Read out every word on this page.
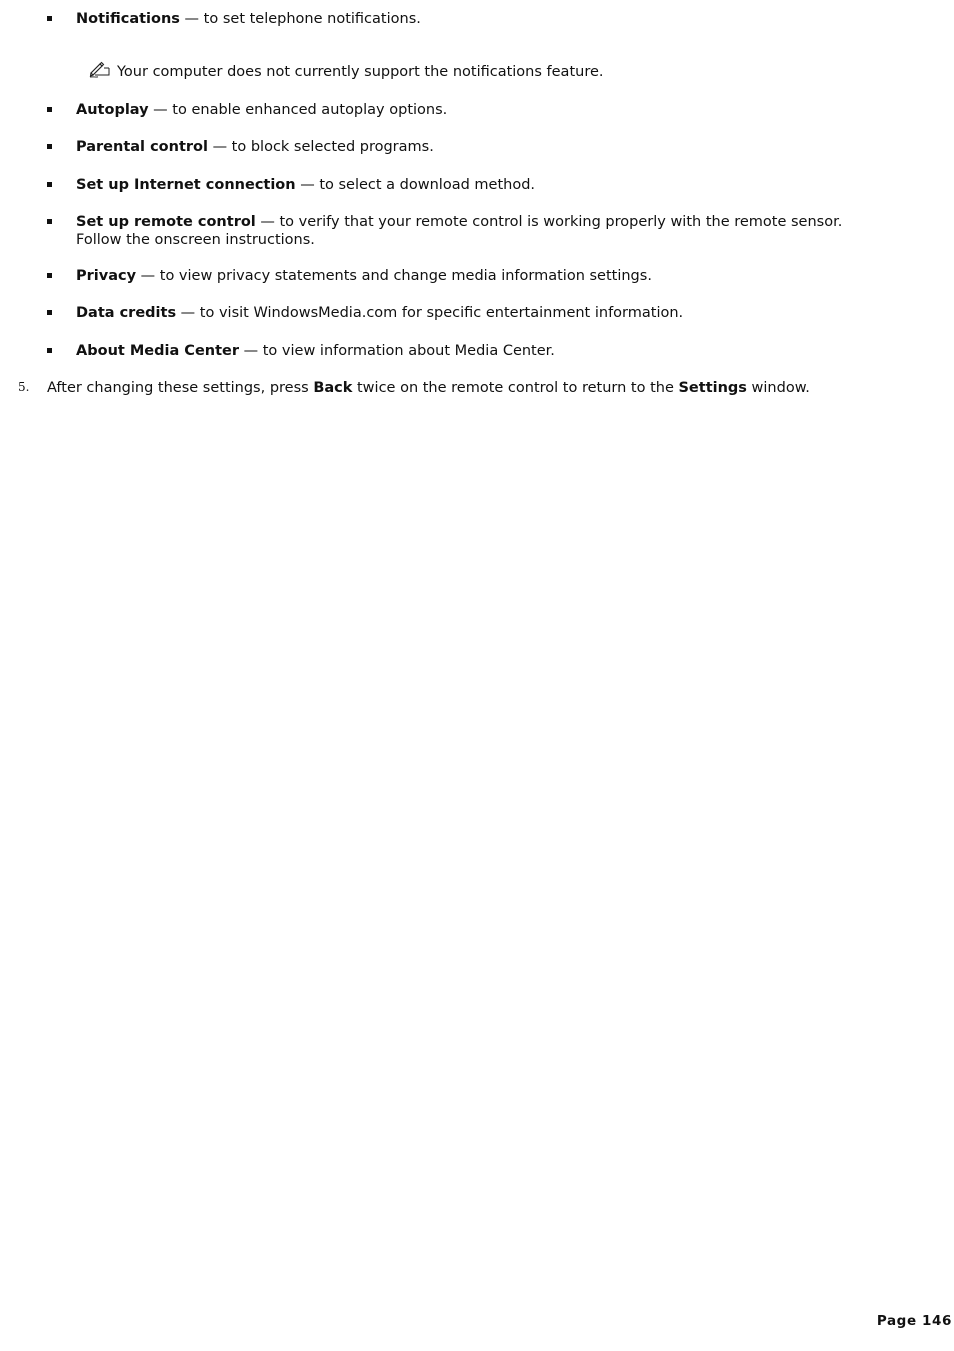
Notifications — to set telephone notifications.
Your computer does not currently support the notifications feature.
Autoplay — to enable enhanced autoplay options.
Parental control — to block selected programs.
Set up Internet connection — to select a download method.
Set up remote control — to verify that your remote control is working properly with the remote sensor.
Follow the onscreen instructions.
Privacy — to view privacy statements and change media information settings.
Data credits — to visit WindowsMedia.com for specific entertainment information.
About Media Center — to view information about Media Center.
5. After changing these settings, press Back twice on the remote control to return to the Settings window.
Page 146
